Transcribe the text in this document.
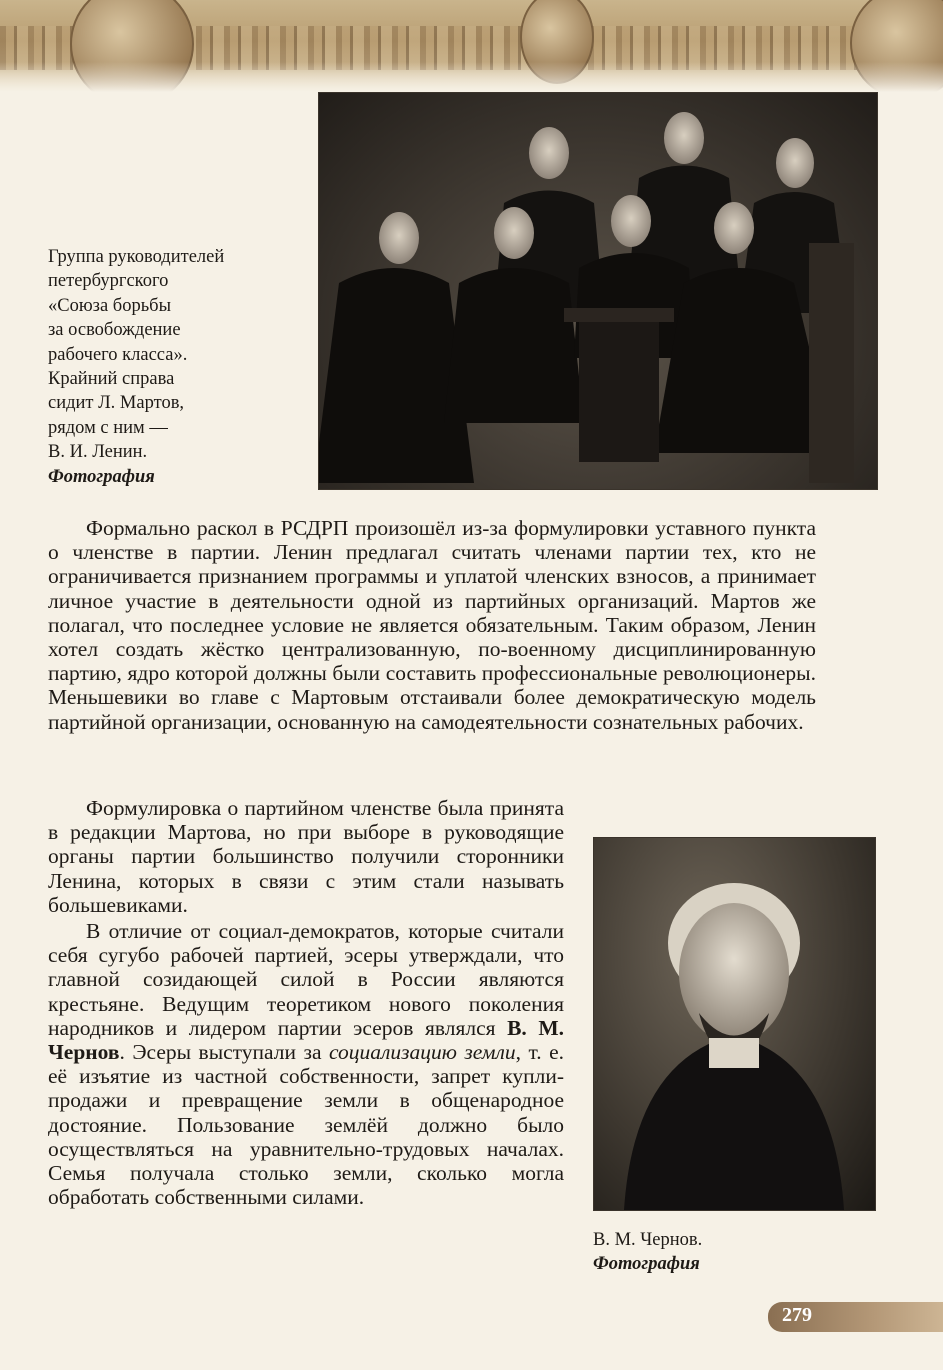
Группа руководителей
петербургского
«Союза борьбы
за освобождение
рабочего класса».
Крайний справа
сидит Л. Мартов,
рядом с ним —
В. И. Ленин.
Фотография

Формально раскол в РСДРП произошёл из-за формулировки уставного пункта о членстве в партии. Ленин предлагал считать членами партии тех, кто не ограничивается признанием программы и уплатой членских взносов, а принимает личное участие в деятельности одной из партийных организаций. Мартов же полагал, что последнее условие не является обязательным. Таким образом, Ленин хотел создать жёстко централизованную, по-военному дисциплинированную партию, ядро которой должны были составить профессиональные революционеры. Меньшевики во главе с Мартовым отстаивали более демократическую модель партийной организации, основанную на самодеятельности сознательных рабочих.

Формулировка о партийном членстве была принята в редакции Мартова, но при выборе в руководящие органы партии большинство получили сторонники Ленина, которых в связи с этим стали называть большевиками.

В отличие от социал-демократов, которые считали себя сугубо рабочей партией, эсеры утверждали, что главной созидающей силой в России являются крестьяне. Ведущим теоретиком нового поколения народников и лидером партии эсеров являлся В. М. Чернов. Эсеры выступали за социализацию земли, т. е. её изъятие из частной собственности, запрет купли-продажи и превращение земли в общенародное достояние. Пользование землёй должно было осуществляться на уравнительно-трудовых началах. Семья получала столько земли, сколько могла обработать собственными силами.

В. М. Чернов.
Фотография
279
